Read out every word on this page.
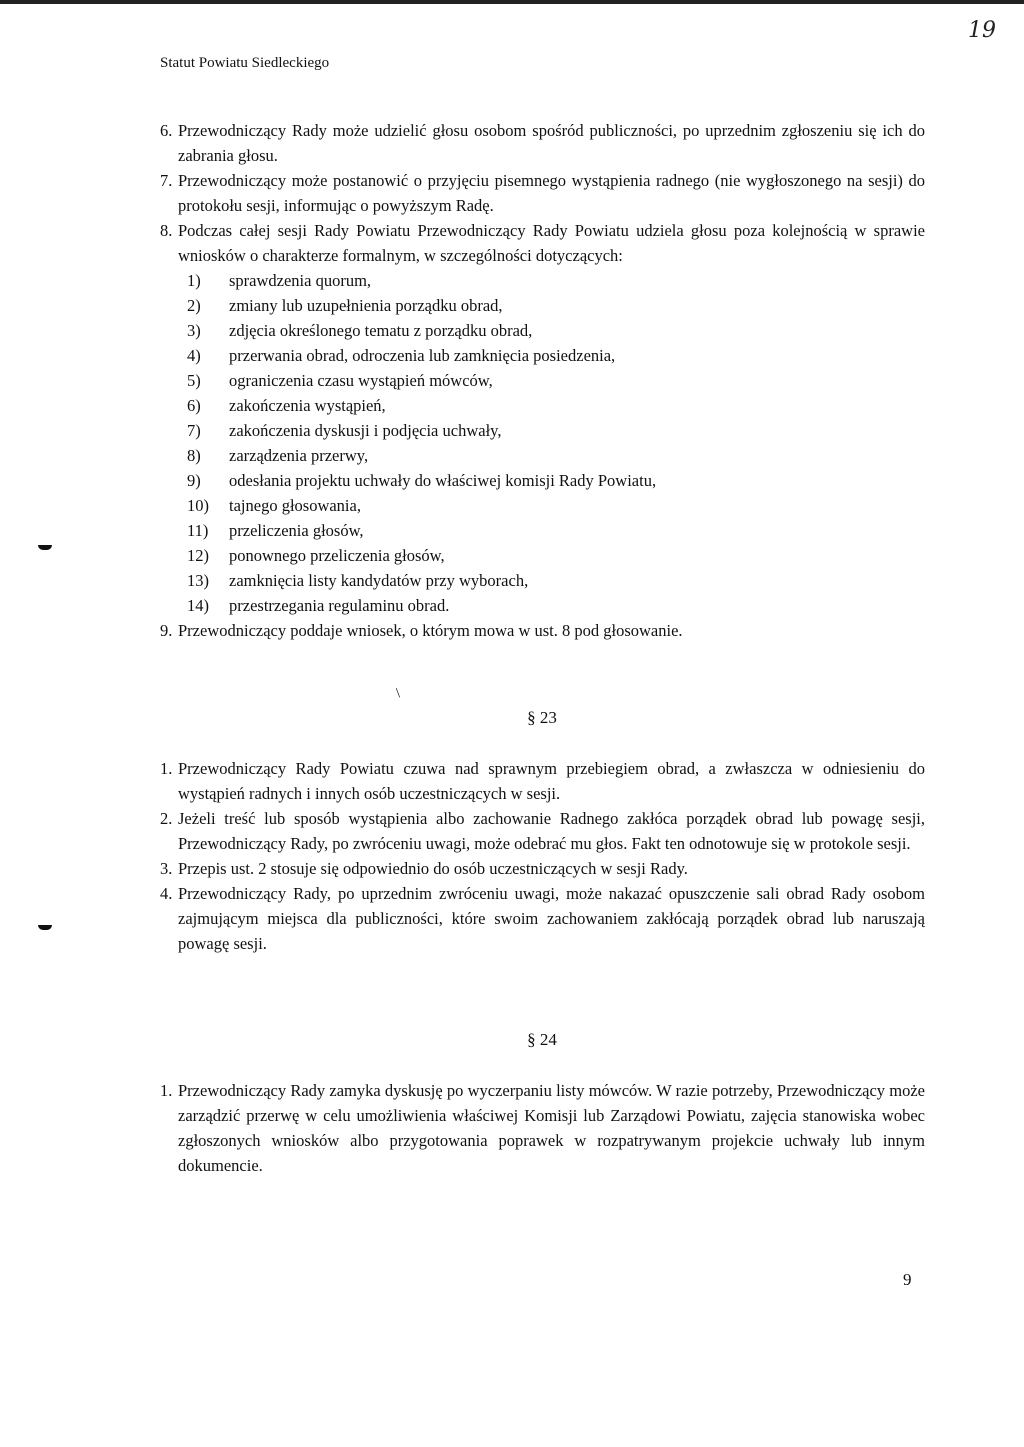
Statut Powiatu Siedleckiego
19
/
6. Przewodniczący Rady może udzielić głosu osobom spośród publiczności, po uprzednim zgłoszeniu się ich do zabrania głosu.
7. Przewodniczący może postanowić o przyjęciu pisemnego wystąpienia radnego (nie wygłoszonego na sesji) do protokołu sesji, informując o powyższym Radę.
8. Podczas całej sesji Rady Powiatu Przewodniczący Rady Powiatu udziela głosu poza kolejnością w sprawie wniosków o charakterze formalnym, w szczególności dotyczących:
1)	sprawdzenia quorum,
2)	zmiany lub uzupełnienia porządku obrad,
3)	zdjęcia określonego tematu z porządku obrad,
4)	przerwania obrad, odroczenia lub zamknięcia posiedzenia,
5)	ograniczenia czasu wystąpień mówców,
6)	zakończenia wystąpień,
7)	zakończenia dyskusji i podjęcia uchwały,
8)	zarządzenia przerwy,
9)	odesłania projektu uchwały do właściwej komisji Rady Powiatu,
10)	tajnego głosowania,
11)	przeliczenia głosów,
12)	ponownego przeliczenia głosów,
13)	zamknięcia listy kandydatów przy wyborach,
14)	przestrzegania regulaminu obrad.
9. Przewodniczący poddaje wniosek, o którym mowa w ust. 8 pod głosowanie.
§ 23
1. Przewodniczący Rady Powiatu czuwa nad sprawnym przebiegiem obrad, a zwłaszcza w odniesieniu do wystąpień radnych i innych osób uczestniczących w sesji.
2. Jeżeli treść lub sposób wystąpienia albo zachowanie Radnego zakłóca porządek obrad lub powagę sesji, Przewodniczący Rady, po zwróceniu uwagi, może odebrać mu głos. Fakt ten odnotowuje się w protokole sesji.
3. Przepis ust. 2 stosuje się odpowiednio do osób uczestniczących w sesji Rady.
4. Przewodniczący Rady, po uprzednim zwróceniu uwagi, może nakazać opuszczenie sali obrad Rady osobom zajmującym miejsca dla publiczności, które swoim zachowaniem zakłócają porządek obrad lub naruszają powagę sesji.
§ 24
1. Przewodniczący Rady zamyka dyskusję po wyczerpaniu listy mówców. W razie potrzeby, Przewodniczący może zarządzić przerwę w celu umożliwienia właściwej Komisji lub Zarządowi Powiatu, zajęcia stanowiska wobec zgłoszonych wniosków albo przygotowania poprawek w rozpatrywanym projekcie uchwały lub innym dokumencie.
9
